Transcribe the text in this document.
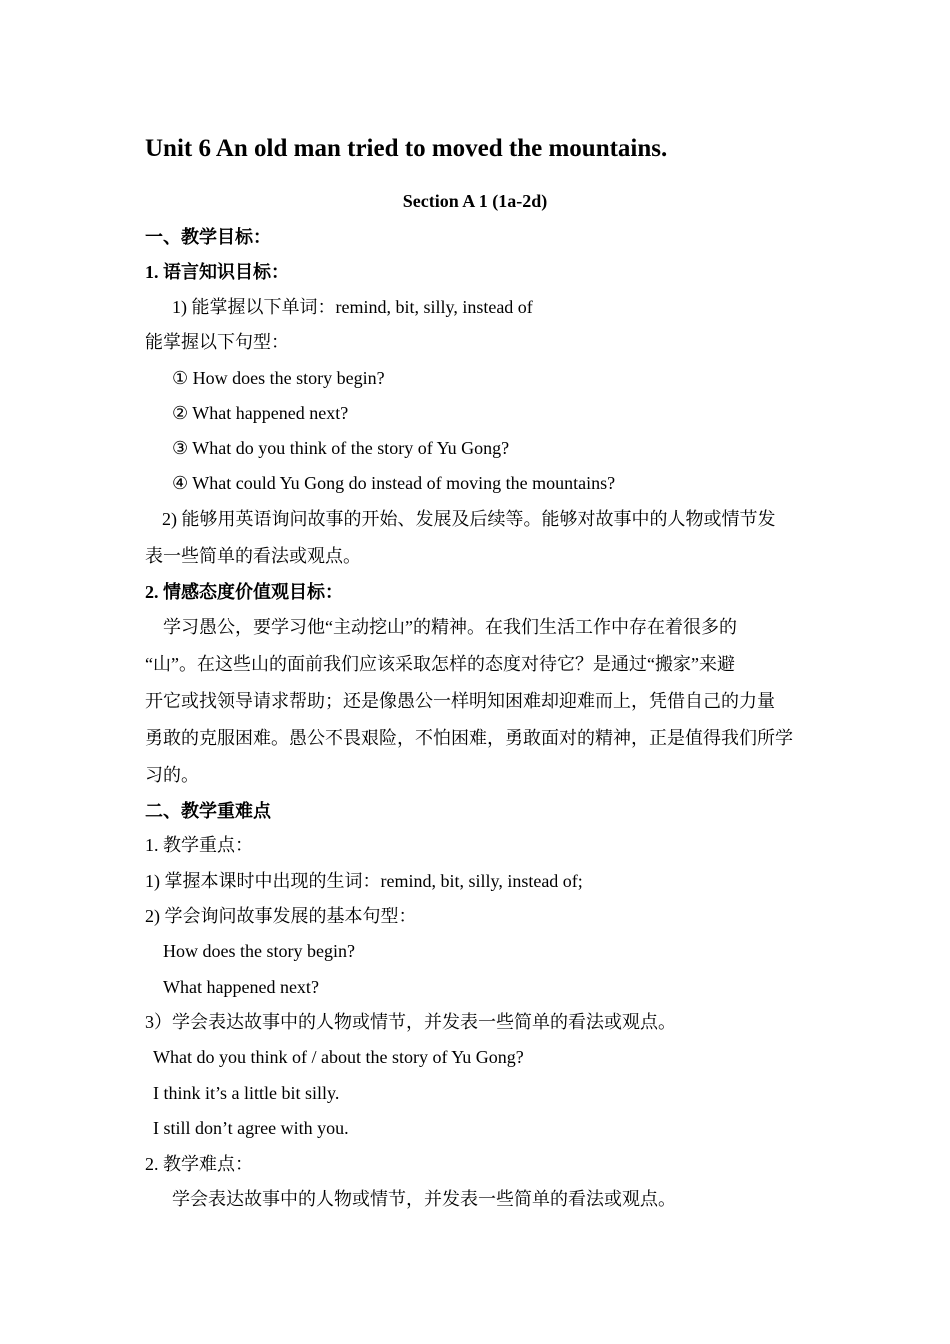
Unit 6 An old man tried to moved the mountains.
Section A 1 (1a-2d)
一、教学目标：
1. 语言知识目标：
1) 能掌握以下单词：remind, bit, silly, instead of
能掌握以下句型：
① How does the story begin?
② What happened next?
③ What do you think of the story of Yu Gong?
④ What could Yu Gong do instead of moving the mountains?
2) 能够用英语询问故事的开始、发展及后续等。能够对故事中的人物或情节发
表一些简单的看法或观点。
2. 情感态度价值观目标：
学习愚公，要学习他“主动挖山”的精神。在我们生活工作中存在着很多的
“山”。在这些山的面前我们应该采取怎样的态度对待它？是通过“搬家”来避
开它或找领导请求帮助；还是像愚公一样明知困难却迎难而上，凭借自己的力量
勇敢的克服困难。愚公不畏艰险，不怕困难，勇敢面对的精神，正是值得我们所学
习的。
二、教学重难点
1. 教学重点：
1) 掌握本课时中出现的生词：remind, bit, silly, instead of;
2) 学会询问故事发展的基本句型：
How does the story begin?
What happened next?
3）学会表达故事中的人物或情节，并发表一些简单的看法或观点。
What do you think of / about the story of Yu Gong?
I think it’s a little bit silly.
I still don’t agree with you.
2. 教学难点：
学会表达故事中的人物或情节，并发表一些简单的看法或观点。
